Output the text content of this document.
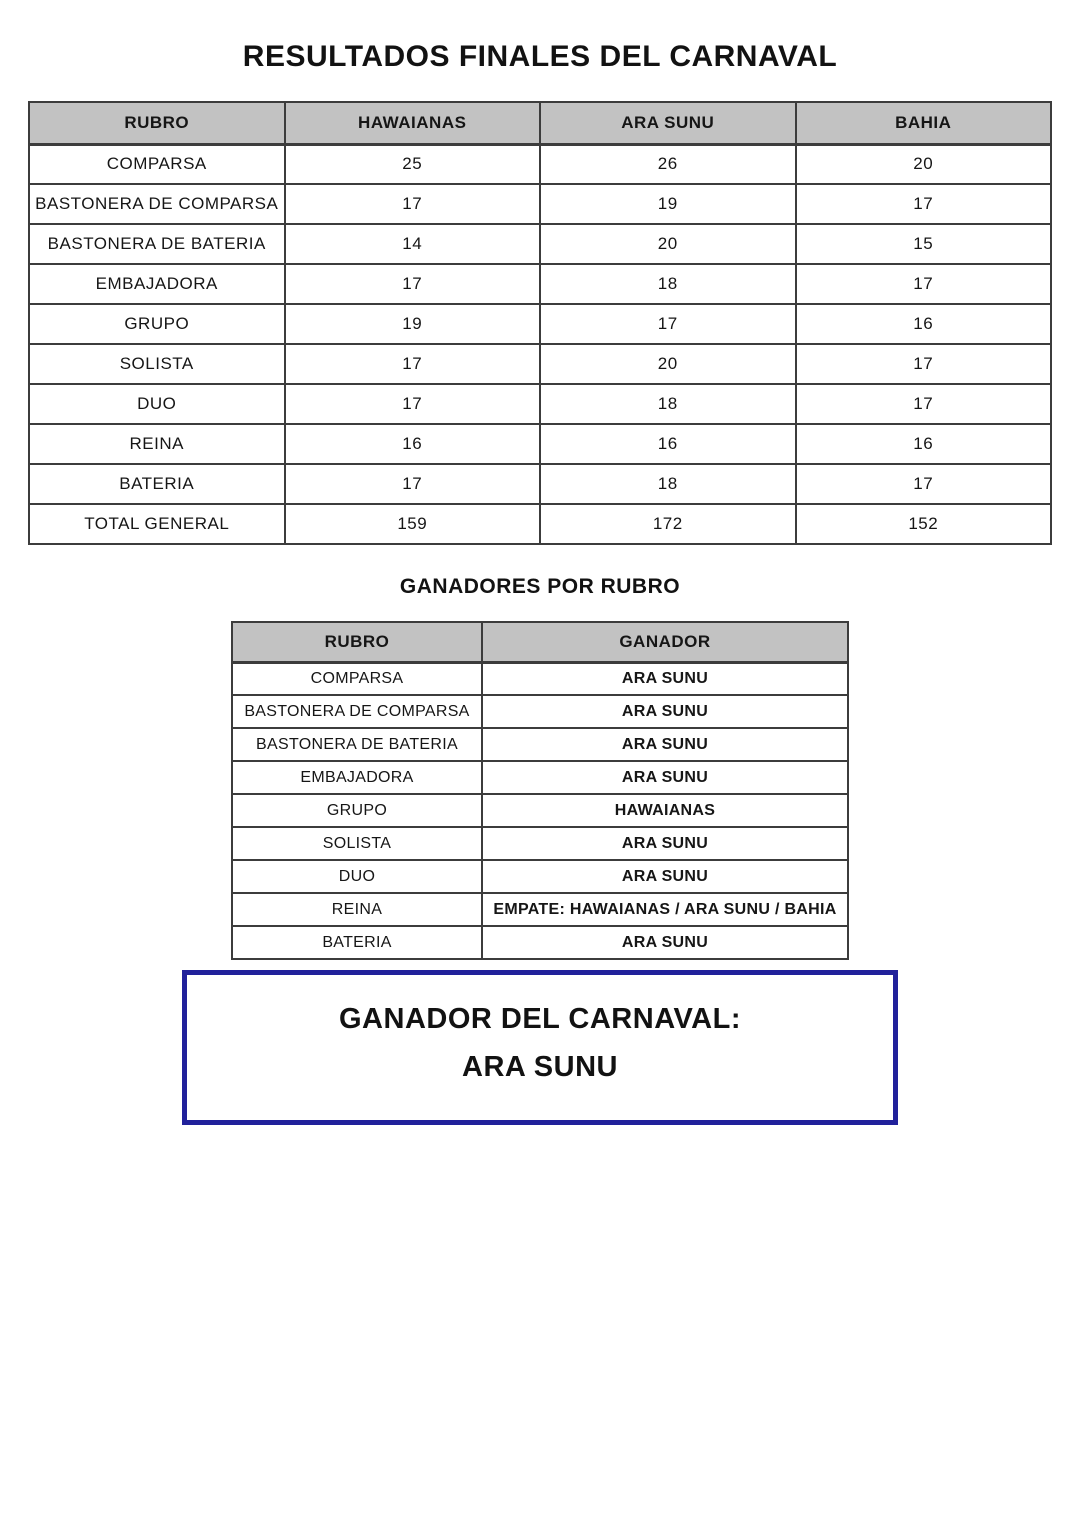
RESULTADOS FINALES DEL CARNAVAL
RUBRO	HAWAIANAS	ARA SUNU	BAHIA
COMPARSA	25	26	20
BASTONERA DE COMPARSA	17	19	17
BASTONERA DE BATERIA	14	20	15
EMBAJADORA	17	18	17
GRUPO	19	17	16
SOLISTA	17	20	17
DUO	17	18	17
REINA	16	16	16
BATERIA	17	18	17
TOTAL GENERAL	159	172	152
GANADORES POR RUBRO
RUBRO	GANADOR
COMPARSA	ARA SUNU
BASTONERA DE COMPARSA	ARA SUNU
BASTONERA DE BATERIA	ARA SUNU
EMBAJADORA	ARA SUNU
GRUPO	HAWAIANAS
SOLISTA	ARA SUNU
DUO	ARA SUNU
REINA	EMPATE: HAWAIANAS / ARA SUNU / BAHIA
BATERIA	ARA SUNU
GANADOR DEL CARNAVAL:
ARA SUNU
